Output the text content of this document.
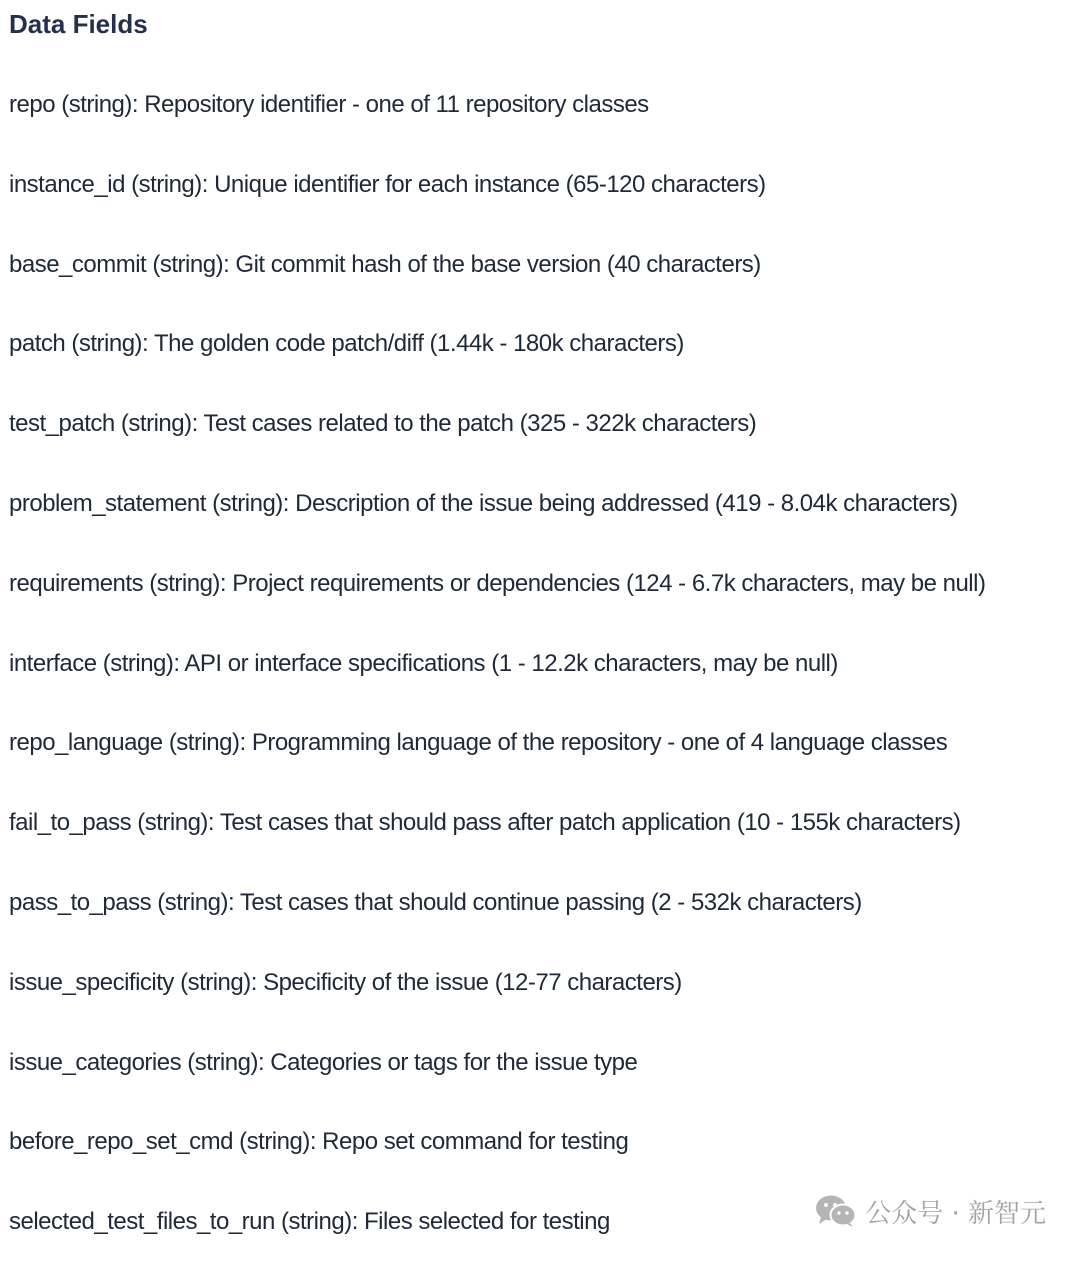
Data Fields
repo (string): Repository identifier - one of 11 repository classes
instance_id (string): Unique identifier for each instance (65-120 characters)
base_commit (string): Git commit hash of the base version (40 characters)
patch (string): The golden code patch/diff (1.44k - 180k characters)
test_patch (string): Test cases related to the patch (325 - 322k characters)
problem_statement (string): Description of the issue being addressed (419 - 8.04k characters)
requirements (string): Project requirements or dependencies (124 - 6.7k characters, may be null)
interface (string): API or interface specifications (1 - 12.2k characters, may be null)
repo_language (string): Programming language of the repository - one of 4 language classes
fail_to_pass (string): Test cases that should pass after patch application (10 - 155k characters)
pass_to_pass (string): Test cases that should continue passing (2 - 532k characters)
issue_specificity (string): Specificity of the issue (12-77 characters)
issue_categories (string): Categories or tags for the issue type
before_repo_set_cmd (string): Repo set command for testing
selected_test_files_to_run (string): Files selected for testing	公众号 · 新智元
